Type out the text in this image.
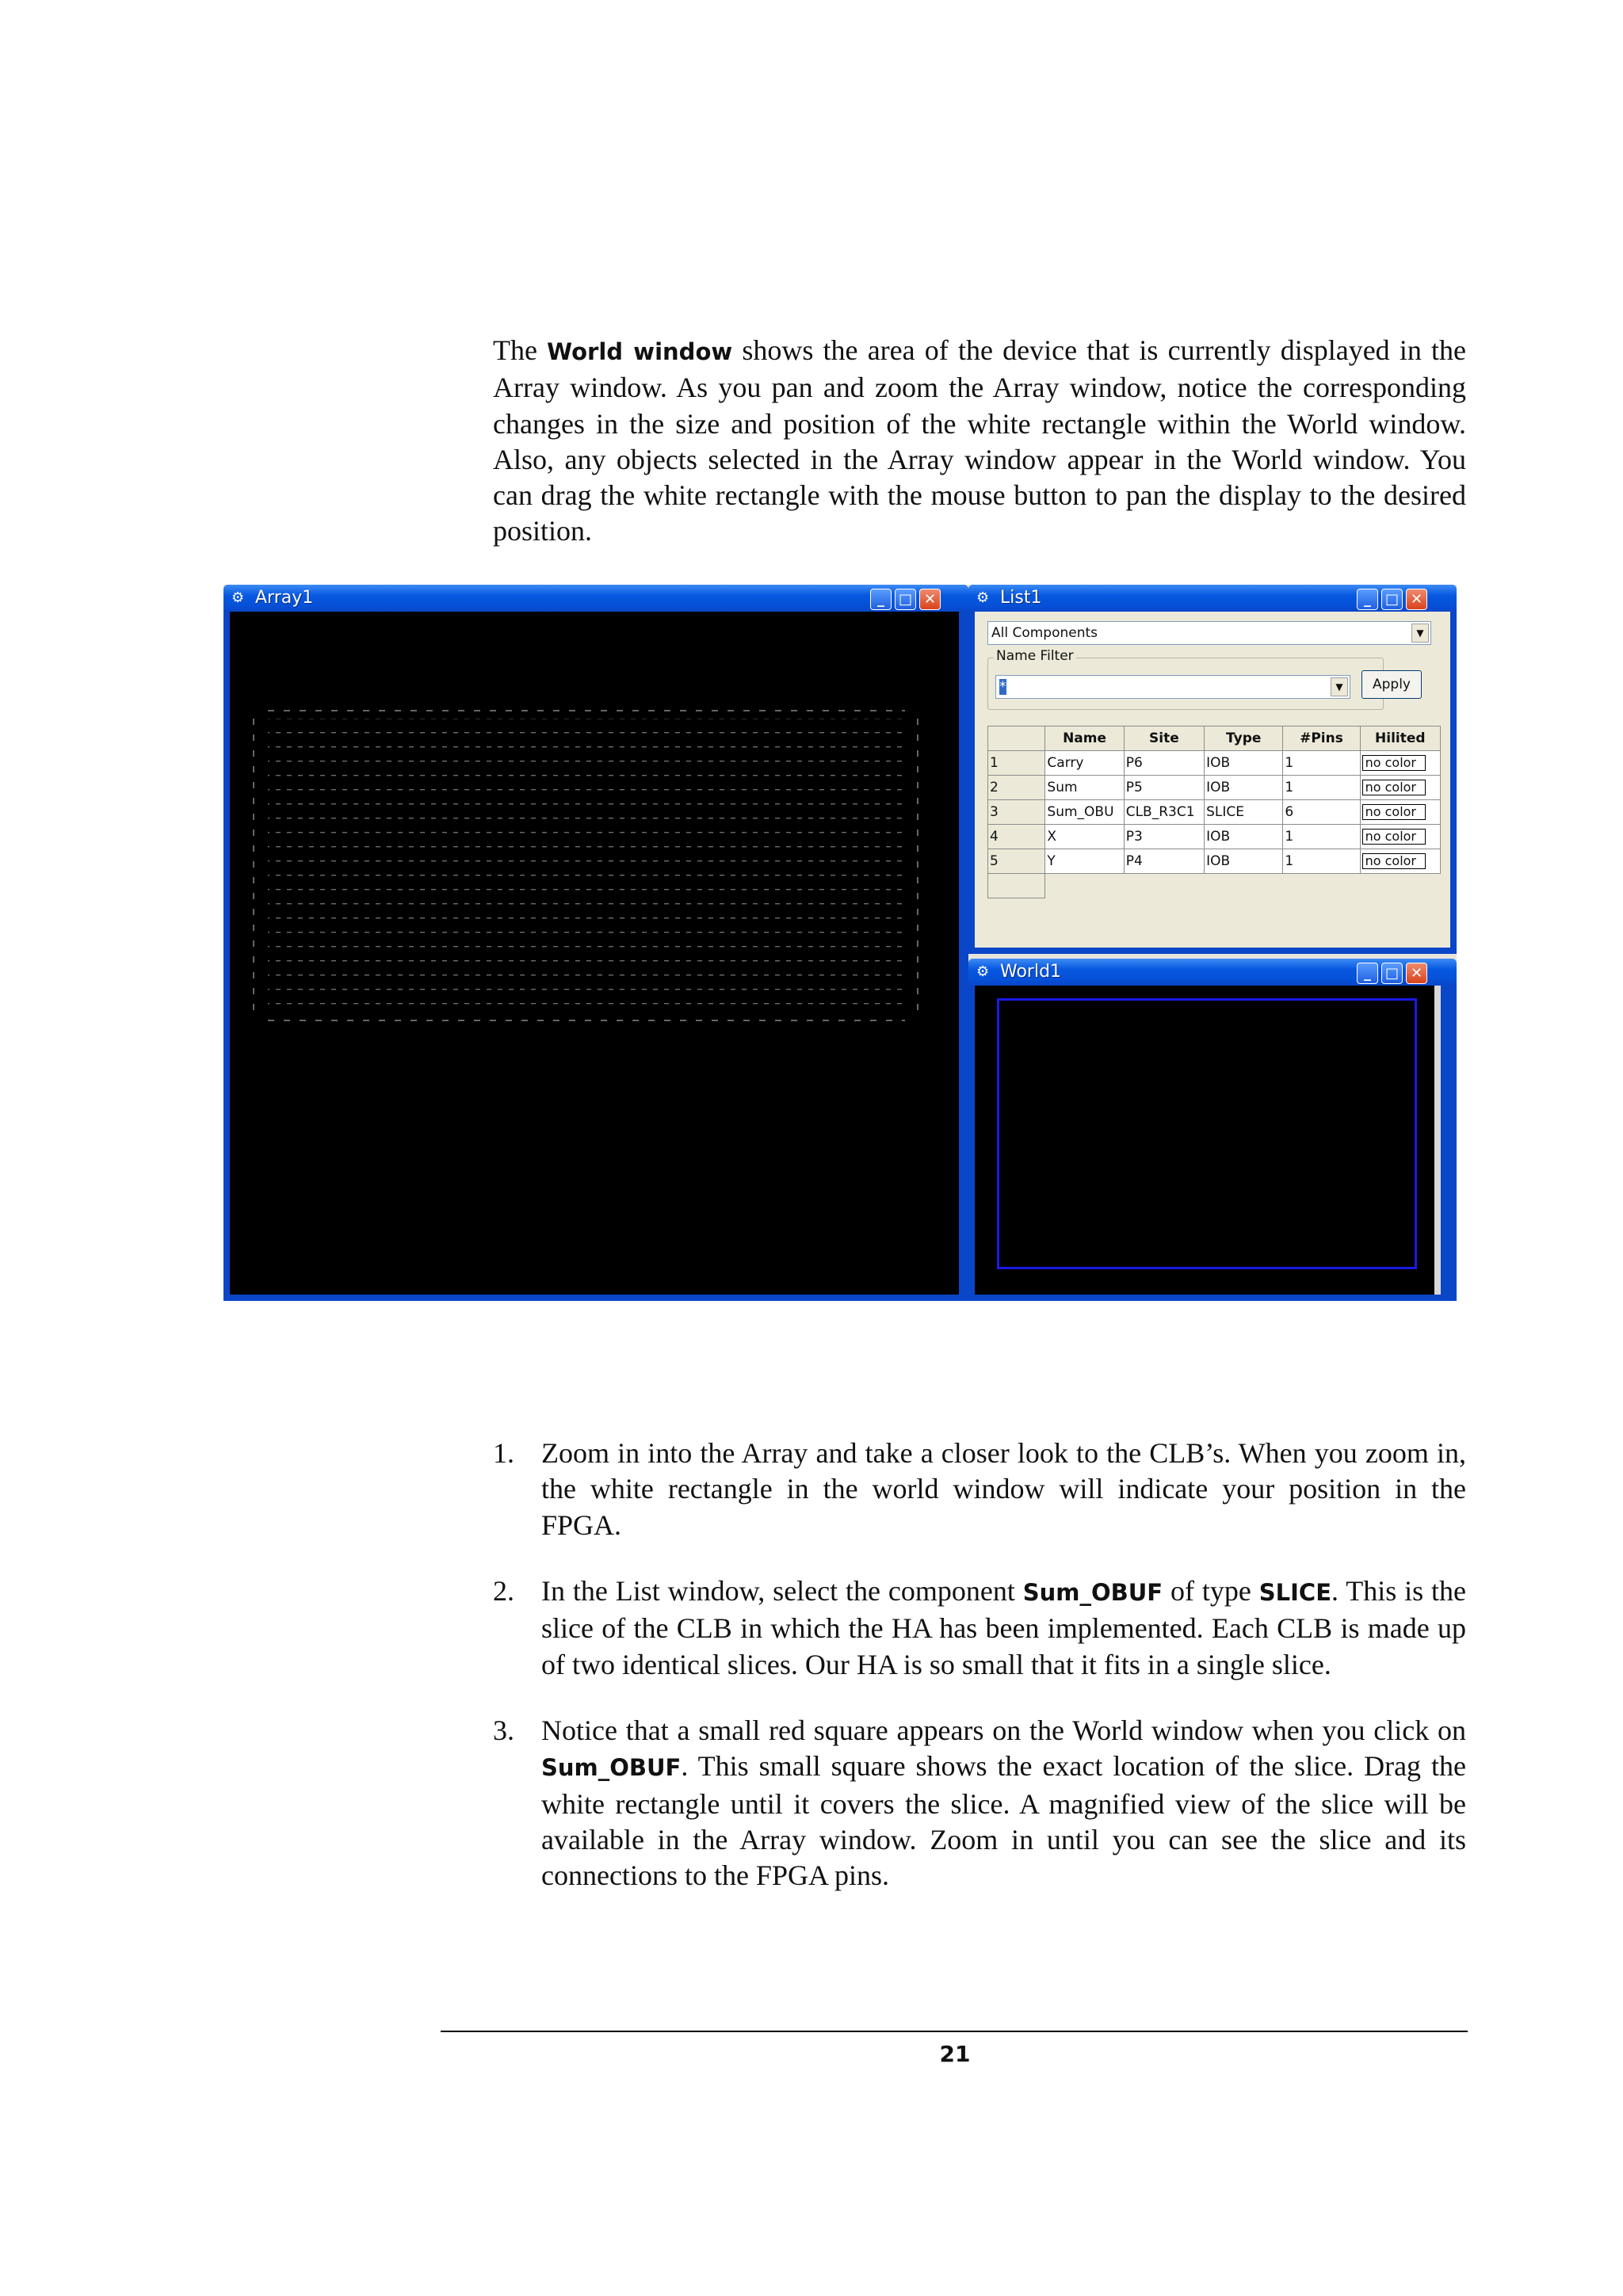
The World window shows the area of the device that is currently displayed in the Array window. As you pan and zoom the Array window, notice the corresponding changes in the size and position of the white rectangle within the World window. Also, any objects selected in the Array window appear in the World window. You can drag the white rectangle with the mouse button to pan the display to the desired position.
⚙ Array1	_ □ ✕	⚙ List1	_ □ ✕
All Components	▼
Name Filter
*	▼	Apply
	Name	Site	Type	#Pins	Hilited
1	Carry	P6	IOB	1	no color
2	Sum	P5	IOB	1	no color
3	Sum_OBU	CLB_R3C1	SLICE	6	no color
4	X	P3	IOB	1	no color
5	Y	P4	IOB	1	no color

⚙ World1	_ □ ✕
1. Zoom in into the Array and take a closer look to the CLB’s. When you zoom in, the white rectangle in the world window will indicate your position in the FPGA.
2. In the List window, select the component Sum_OBUF of type SLICE. This is the slice of the CLB in which the HA has been implemented. Each CLB is made up of two identical slices. Our HA is so small that it fits in a single slice.
3. Notice that a small red square appears on the World window when you click on Sum_OBUF. This small square shows the exact location of the slice. Drag the white rectangle until it covers the slice. A magnified view of the slice will be available in the Array window. Zoom in until you can see the slice and its connections to the FPGA pins.
21
